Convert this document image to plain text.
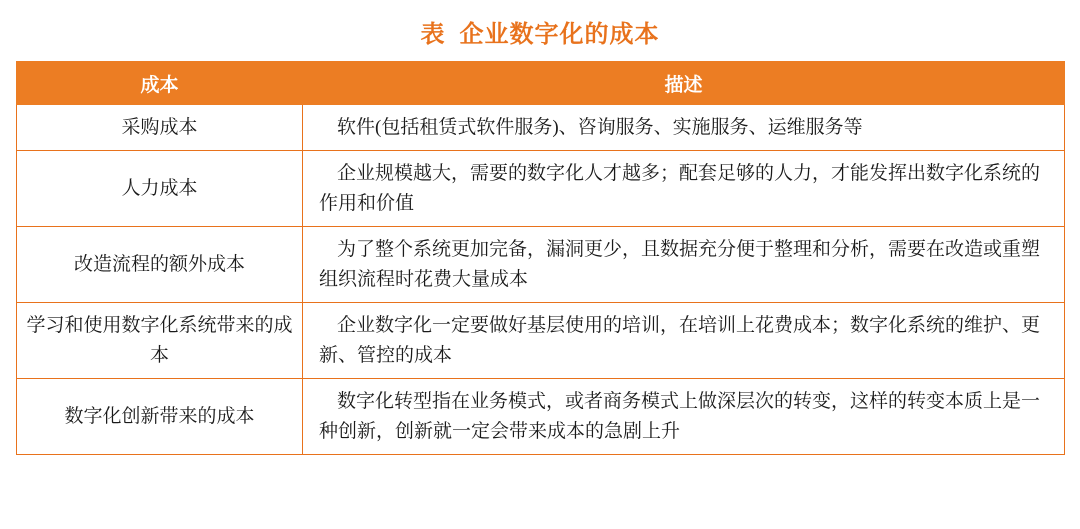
表 企业数字化的成本
成本	描述
采购成本	软件(包括租赁式软件服务)、咨询服务、实施服务、运维服务等
人力成本	企业规模越大，需要的数字化人才越多；配套足够的人力，才能发挥出数字化系统的作用和价值
改造流程的额外成本	为了整个系统更加完备，漏洞更少，且数据充分便于整理和分析，需要在改造或重塑组织流程时花费大量成本
学习和使用数字化系统带来的成本	企业数字化一定要做好基层使用的培训，在培训上花费成本；数字化系统的维护、更新、管控的成本
数字化创新带来的成本	数字化转型指在业务模式，或者商务模式上做深层次的转变，这样的转变本质上是一种创新，创新就一定会带来成本的急剧上升
